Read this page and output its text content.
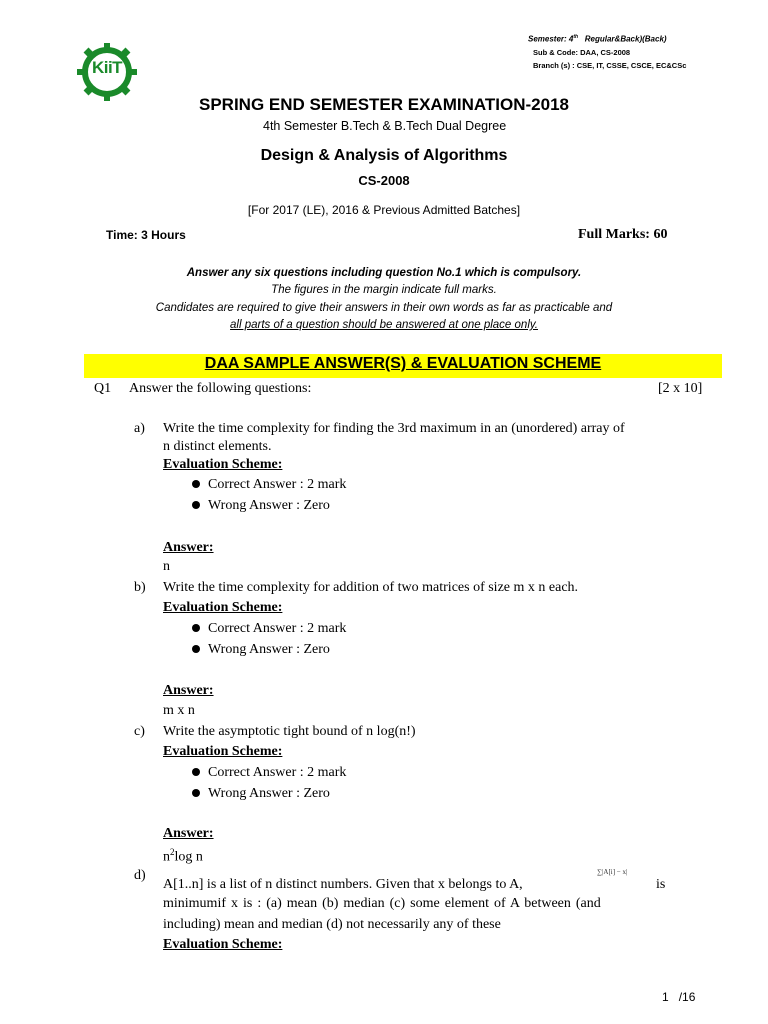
KiiT
Semester: 4th   Regular&Back)(Back)
Sub & Code: DAA, CS-2008
Branch (s) : CSE, IT, CSSE, CSCE, EC&CSc
SPRING END SEMESTER EXAMINATION-2018
4th Semester B.Tech & B.Tech Dual Degree
Design & Analysis of Algorithms
CS-2008
[For 2017 (LE), 2016 & Previous Admitted Batches]
Time: 3 Hours	Full Marks: 60
Answer any six questions including question No.1 which is compulsory.
The figures in the margin indicate full marks.
Candidates are required to give their answers in their own words as far as practicable and
all parts of a question should be answered at one place only.
DAA SAMPLE ANSWER(S) & EVALUATION SCHEME
Q1 Answer the following questions:	[2 x 10]
a) Write the time complexity for finding the 3rd maximum in an (unordered) array of
n distinct elements.
Evaluation Scheme:
Correct Answer : 2 mark
Wrong Answer : Zero
Answer:
n
b) Write the time complexity for addition of two matrices of size m x n each.
Evaluation Scheme:
Correct Answer : 2 mark
Wrong Answer : Zero
Answer:
m x n
c) Write the asymptotic tight bound of n log(n!)
Evaluation Scheme:
Correct Answer : 2 mark
Wrong Answer : Zero
Answer:
$n^2\log$ n
d)
A[1..n] is a list of n distinct numbers. Given that x belongs to A,
∑|A[i] − x|
is
minimumif x is : (a) mean (b) median (c) some element of A between (and
including) mean and median (d) not necessarily any of these
Evaluation Scheme:
1 /16
